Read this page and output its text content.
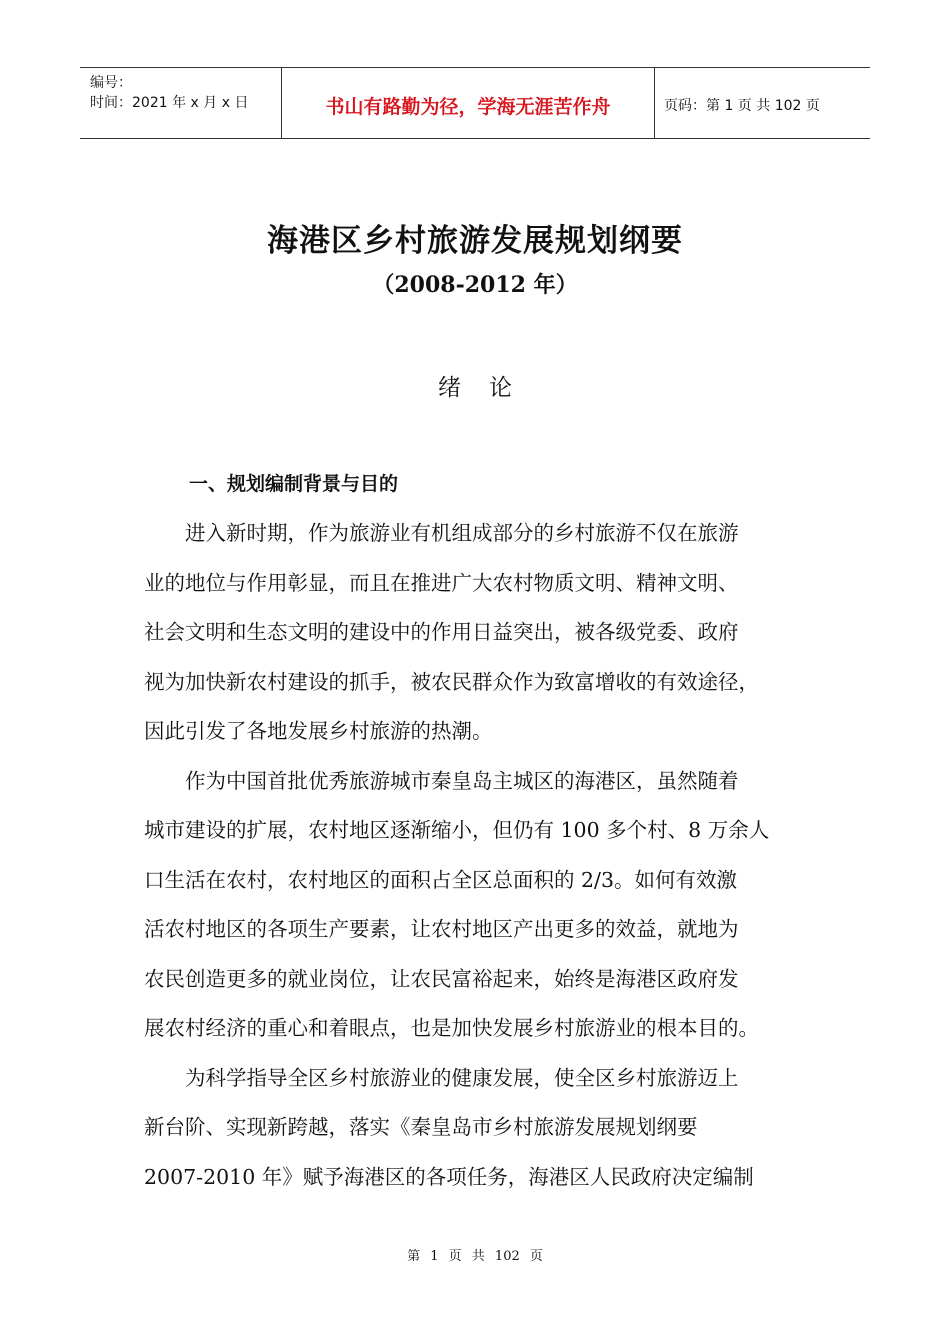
编号：
时间：2021 年 x 月 x 日	书山有路勤为径，学海无涯苦作舟	页码：第 1 页 共 102 页
海港区乡村旅游发展规划纲要
（2008-2012 年）
绪论
一、规划编制背景与目的
　　进入新时期，作为旅游业有机组成部分的乡村旅游不仅在旅游
业的地位与作用彰显，而且在推进广大农村物质文明、精神文明、
社会文明和生态文明的建设中的作用日益突出，被各级党委、政府
视为加快新农村建设的抓手，被农民群众作为致富增收的有效途径，
因此引发了各地发展乡村旅游的热潮。
　　作为中国首批优秀旅游城市秦皇岛主城区的海港区，虽然随着
城市建设的扩展，农村地区逐渐缩小，但仍有 100 多个村、8 万余人
口生活在农村，农村地区的面积占全区总面积的 2/3。如何有效激
活农村地区的各项生产要素，让农村地区产出更多的效益，就地为
农民创造更多的就业岗位，让农民富裕起来，始终是海港区政府发
展农村经济的重心和着眼点，也是加快发展乡村旅游业的根本目的。
　　为科学指导全区乡村旅游业的健康发展，使全区乡村旅游迈上
新台阶、实现新跨越，落实《秦皇岛市乡村旅游发展规划纲要
2007-2010 年》赋予海港区的各项任务，海港区人民政府决定编制
第 1 页 共 102 页
